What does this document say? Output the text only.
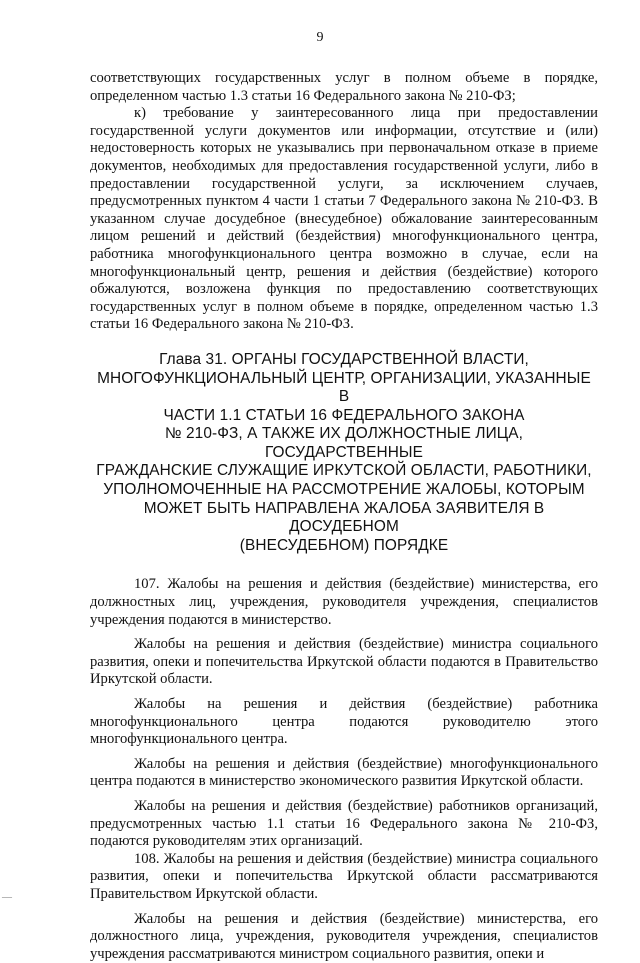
9

соответствующих государственных услуг в полном объеме в порядке, определенном частью 1.3 статьи 16 Федерального закона № 210-ФЗ;

к) требование у заинтересованного лица при предоставлении государственной услуги документов или информации, отсутствие и (или) недостоверность которых не указывались при первоначальном отказе в приеме документов, необходимых для предоставления государственной услуги, либо в предоставлении государственной услуги, за исключением случаев, предусмотренных пунктом 4 части 1 статьи 7 Федерального закона № 210-ФЗ. В указанном случае досудебное (внесудебное) обжалование заинтересованным лицом решений и действий (бездействия) многофункционального центра, работника многофункционального центра возможно в случае, если на многофункциональный центр, решения и действия (бездействие) которого обжалуются, возложена функция по предоставлению соответствующих государственных услуг в полном объеме в порядке, определенном частью 1.3 статьи 16 Федерального закона № 210-ФЗ.

Глава 31. ОРГАНЫ ГОСУДАРСТВЕННОЙ ВЛАСТИ,
МНОГОФУНКЦИОНАЛЬНЫЙ ЦЕНТР, ОРГАНИЗАЦИИ, УКАЗАННЫЕ В
ЧАСТИ 1.1 СТАТЬИ 16 ФЕДЕРАЛЬНОГО ЗАКОНА
№ 210-ФЗ, А ТАКЖЕ ИХ ДОЛЖНОСТНЫЕ ЛИЦА, ГОСУДАРСТВЕННЫЕ
ГРАЖДАНСКИЕ СЛУЖАЩИЕ ИРКУТСКОЙ ОБЛАСТИ, РАБОТНИКИ,
УПОЛНОМОЧЕННЫЕ НА РАССМОТРЕНИЕ ЖАЛОБЫ, КОТОРЫМ
МОЖЕТ БЫТЬ НАПРАВЛЕНА ЖАЛОБА ЗАЯВИТЕЛЯ В ДОСУДЕБНОМ
(ВНЕСУДЕБНОМ) ПОРЯДКЕ

107. Жалобы на решения и действия (бездействие) министерства, его должностных лиц, учреждения, руководителя учреждения, специалистов учреждения подаются в министерство.

Жалобы на решения и действия (бездействие) министра социального развития, опеки и попечительства Иркутской области подаются в Правительство Иркутской области.

Жалобы на решения и действия (бездействие) работника многофункционального центра подаются руководителю этого многофункционального центра.

Жалобы на решения и действия (бездействие) многофункционального центра подаются в министерство экономического развития Иркутской области.

Жалобы на решения и действия (бездействие) работников организаций, предусмотренных частью 1.1 статьи 16 Федерального закона № 210-ФЗ, подаются руководителям этих организаций.

108. Жалобы на решения и действия (бездействие) министра социального развития, опеки и попечительства Иркутской области рассматриваются Правительством Иркутской области.

Жалобы на решения и действия (бездействие) министерства, его должностного лица, учреждения, руководителя учреждения, специалистов учреждения рассматриваются министром социального развития, опеки и

—
